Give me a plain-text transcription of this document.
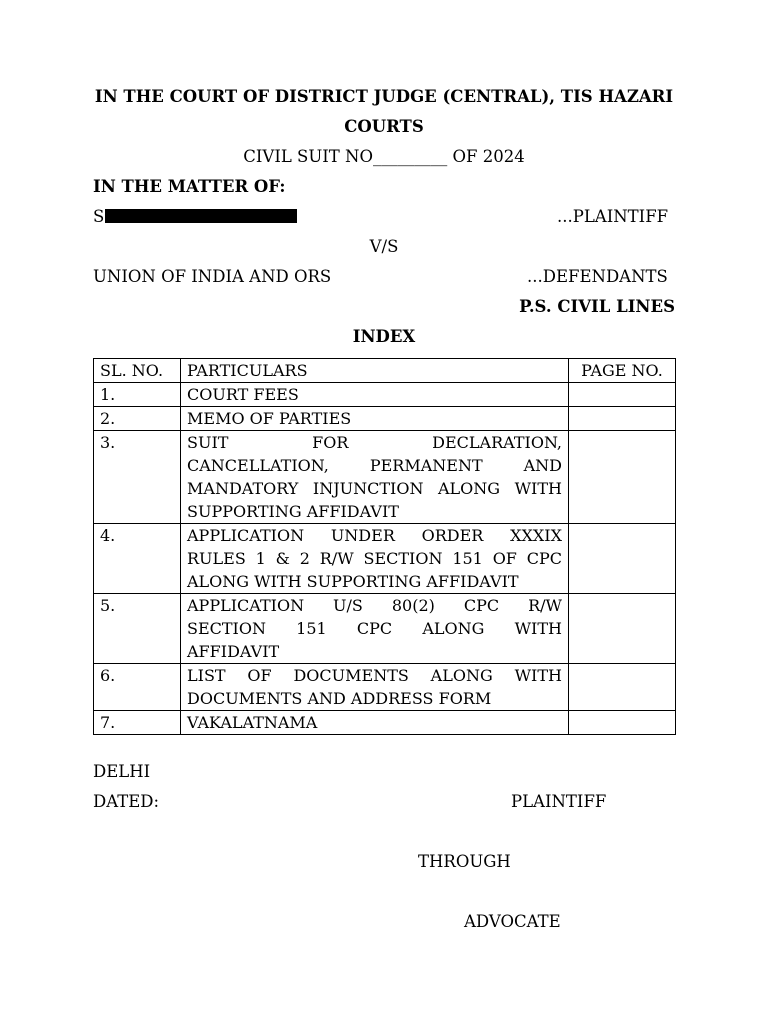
IN THE COURT OF DISTRICT JUDGE (CENTRAL), TIS HAZARI
COURTS
CIVIL SUIT NO_________ OF 2024
IN THE MATTER OF:
S	...PLAINTIFF
V/S
UNION OF INDIA AND ORS	...DEFENDANTS
P.S. CIVIL LINES
INDEX
SL. NO.	PARTICULARS	PAGE NO.
1.	COURT FEES	

2.	MEMO OF PARTIES	

3.	SUIT FOR DECLARATION,
CANCELLATION, PERMANENT AND
MANDATORY INJUNCTION ALONG WITH
SUPPORTING AFFIDAVIT	

4.	APPLICATION UNDER ORDER XXXIX
RULES 1 & 2 R/W SECTION 151 OF CPC
ALONG WITH SUPPORTING AFFIDAVIT	

5.	APPLICATION U/S 80(2) CPC R/W
SECTION 151 CPC ALONG WITH
AFFIDAVIT	

6.	LIST OF DOCUMENTS ALONG WITH
DOCUMENTS AND ADDRESS FORM	

7.	VAKALATNAMA	

DELHI
DATED:	PLAINTIFF
THROUGH
ADVOCATE
